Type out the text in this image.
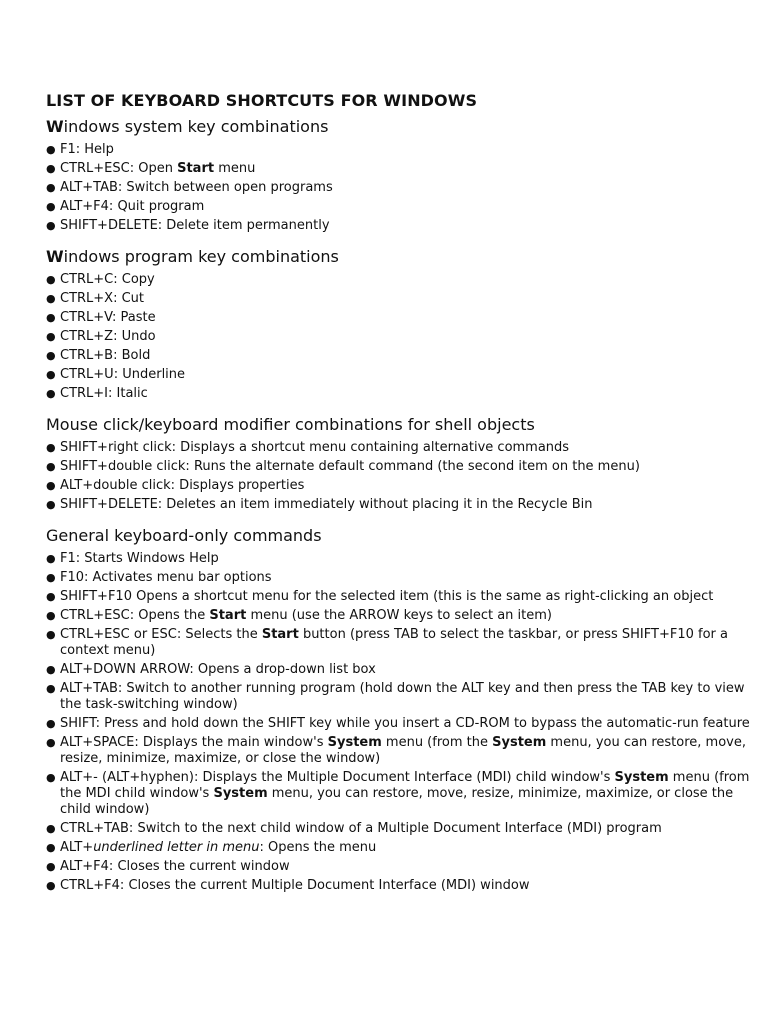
LIST OF KEYBOARD SHORTCUTS FOR WINDOWS
Windows system key combinations
● F1: Help
● CTRL+ESC: Open Start menu
● ALT+TAB: Switch between open programs
● ALT+F4: Quit program
● SHIFT+DELETE: Delete item permanently
Windows program key combinations
● CTRL+C: Copy
● CTRL+X: Cut
● CTRL+V: Paste
● CTRL+Z: Undo
● CTRL+B: Bold
● CTRL+U: Underline
● CTRL+I: Italic
Mouse click/keyboard modifier combinations for shell objects
● SHIFT+right click: Displays a shortcut menu containing alternative commands
● SHIFT+double click: Runs the alternate default command (the second item on the menu)
● ALT+double click: Displays properties
● SHIFT+DELETE: Deletes an item immediately without placing it in the Recycle Bin
General keyboard-only commands
● F1: Starts Windows Help
● F10: Activates menu bar options
● SHIFT+F10 Opens a shortcut menu for the selected item (this is the same as right-clicking an object
● CTRL+ESC: Opens the Start menu (use the ARROW keys to select an item)
● CTRL+ESC or ESC: Selects the Start button (press TAB to select the taskbar, or press SHIFT+F10 for a context menu)
● ALT+DOWN ARROW: Opens a drop-down list box
● ALT+TAB: Switch to another running program (hold down the ALT key and then press the TAB key to view the task-switching window)
● SHIFT: Press and hold down the SHIFT key while you insert a CD-ROM to bypass the automatic-run feature
● ALT+SPACE: Displays the main window's System menu (from the System menu, you can restore, move, resize, minimize, maximize, or close the window)
● ALT+- (ALT+hyphen): Displays the Multiple Document Interface (MDI) child window's System menu (from the MDI child window's System menu, you can restore, move, resize, minimize, maximize, or close the child window)
● CTRL+TAB: Switch to the next child window of a Multiple Document Interface (MDI) program
● ALT+underlined letter in menu: Opens the menu
● ALT+F4: Closes the current window
● CTRL+F4: Closes the current Multiple Document Interface (MDI) window
